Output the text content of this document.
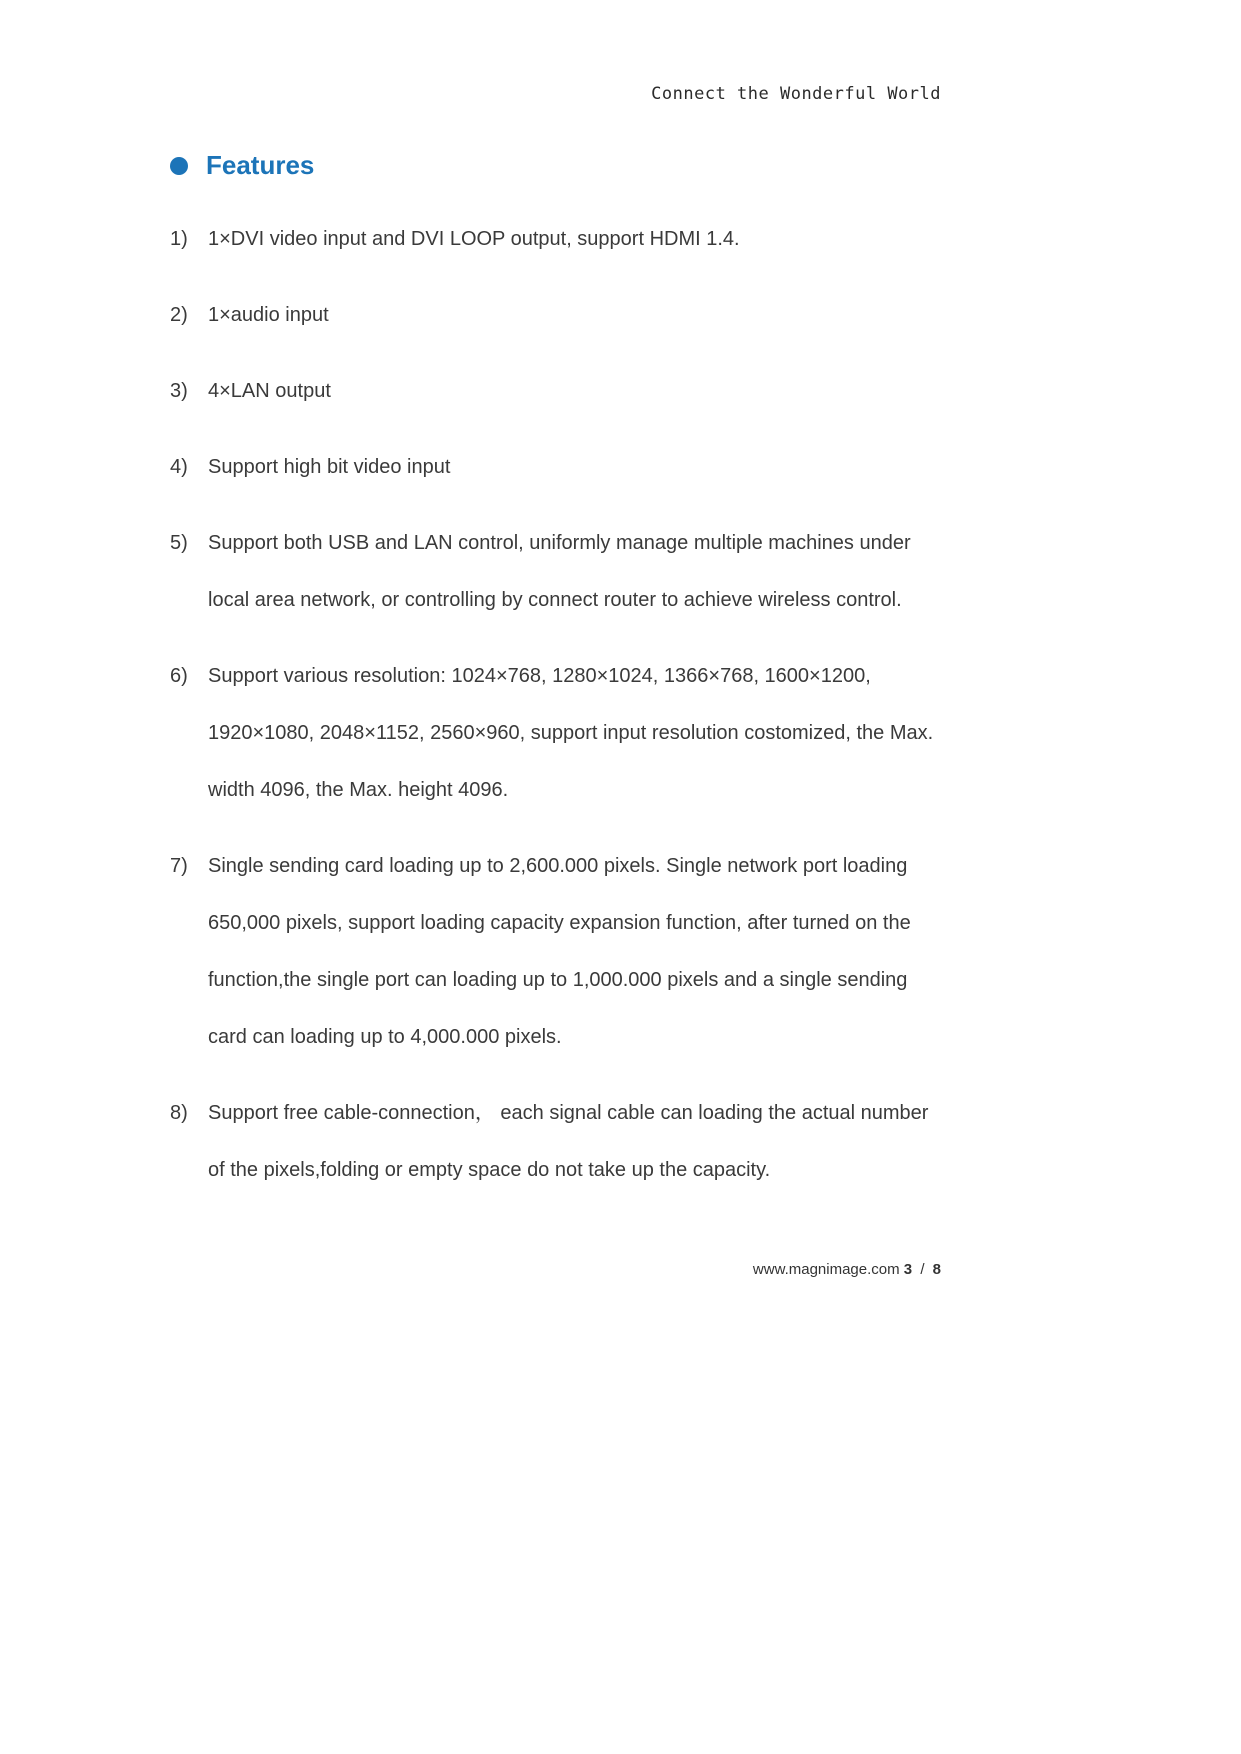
Connect the Wonderful World
Features
1)	1×DVI video input and DVI LOOP output, support HDMI 1.4.
2)	1×audio input
3)	4×LAN output
4)	Support high bit video input
5)	Support both USB and LAN control, uniformly manage multiple machines under local area network, or controlling by connect router to achieve wireless control.
6)	Support various resolution: 1024×768, 1280×1024, 1366×768, 1600×1200, 1920×1080, 2048×1152, 2560×960, support input resolution costomized, the Max. width 4096, the Max. height 4096.
7)	Single sending card loading up to 2,600.000 pixels. Single network port loading 650,000 pixels, support loading capacity expansion function, after turned on the function,the single port can loading up to 1,000.000 pixels and a single sending card can loading up to 4,000.000 pixels.
8)	Support free cable-connection， each signal cable can loading the actual number of the pixels,folding or empty space do not take up the capacity.
www.magnimage.com 3 / 8
